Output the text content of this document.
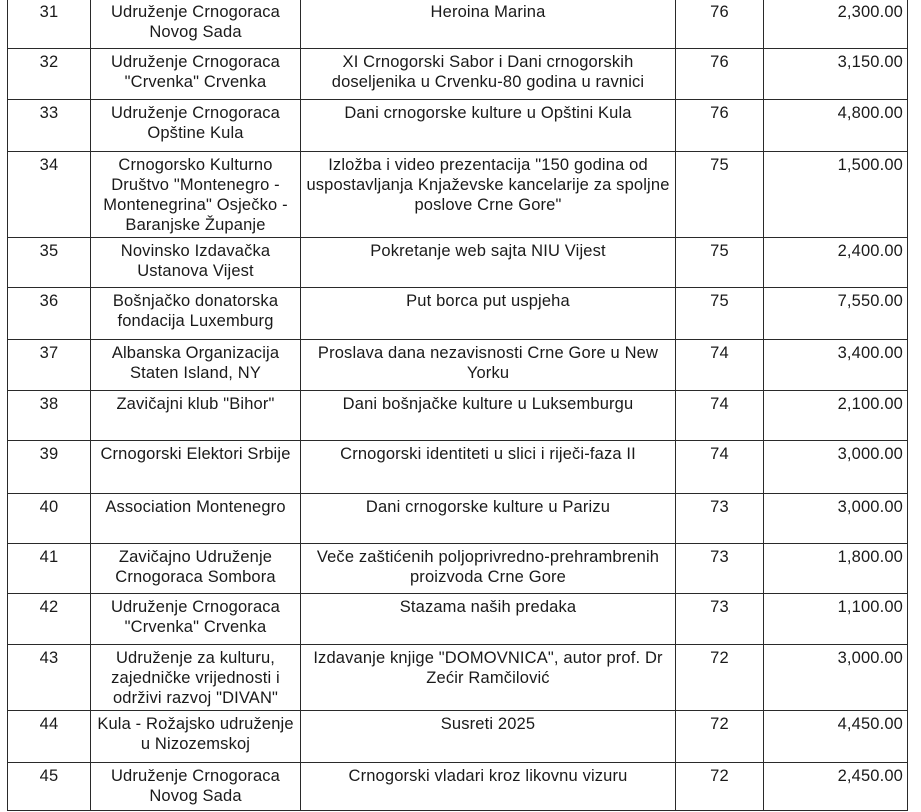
31	Udruženje Crnogoraca Novog Sada	Heroina Marina	76	2,300.00
32	Udruženje Crnogoraca "Crvenka" Crvenka	XI Crnogorski Sabor i Dani crnogorskih doseljenika u Crvenku-80 godina u ravnici	76	3,150.00
33	Udruženje Crnogoraca Opštine Kula	Dani crnogorske kulture u Opštini Kula	76	4,800.00
34	Crnogorsko Kulturno Društvo "Montenegro - Montenegrina" Osječko - Baranjske Županje	Izložba i video prezentacija "150 godina od uspostavljanja Knjaževske kancelarije za spoljne poslove Crne Gore"	75	1,500.00
35	Novinsko Izdavačka Ustanova Vijest	Pokretanje web sajta NIU Vijest	75	2,400.00
36	Bošnjačko donatorska fondacija Luxemburg	Put borca put uspjeha	75	7,550.00
37	Albanska Organizacija Staten Island, NY	Proslava dana nezavisnosti Crne Gore u New Yorku	74	3,400.00
38	Zavičajni klub "Bihor"	Dani bošnjačke kulture u Luksemburgu	74	2,100.00
39	Crnogorski Elektori Srbije	Crnogorski identiteti u slici i riječi-faza II	74	3,000.00
40	Association Montenegro	Dani crnogorske kulture u Parizu	73	3,000.00
41	Zavičajno Udruženje Crnogoraca Sombora	Veče zaštićenih poljoprivredno-prehrambrenih proizvoda Crne Gore	73	1,800.00
42	Udruženje Crnogoraca "Crvenka" Crvenka	Stazama naših predaka	73	1,100.00
43	Udruženje za kulturu, zajedničke vrijednosti i održivi razvoj "DIVAN"	Izdavanje knjige "DOMOVNICA", autor prof. Dr Zećir Ramčilović	72	3,000.00
44	Kula - Rožajsko udruženje u Nizozemskoj	Susreti 2025	72	4,450.00
45	Udruženje Crnogoraca Novog Sada	Crnogorski vladari kroz likovnu vizuru	72	2,450.00
